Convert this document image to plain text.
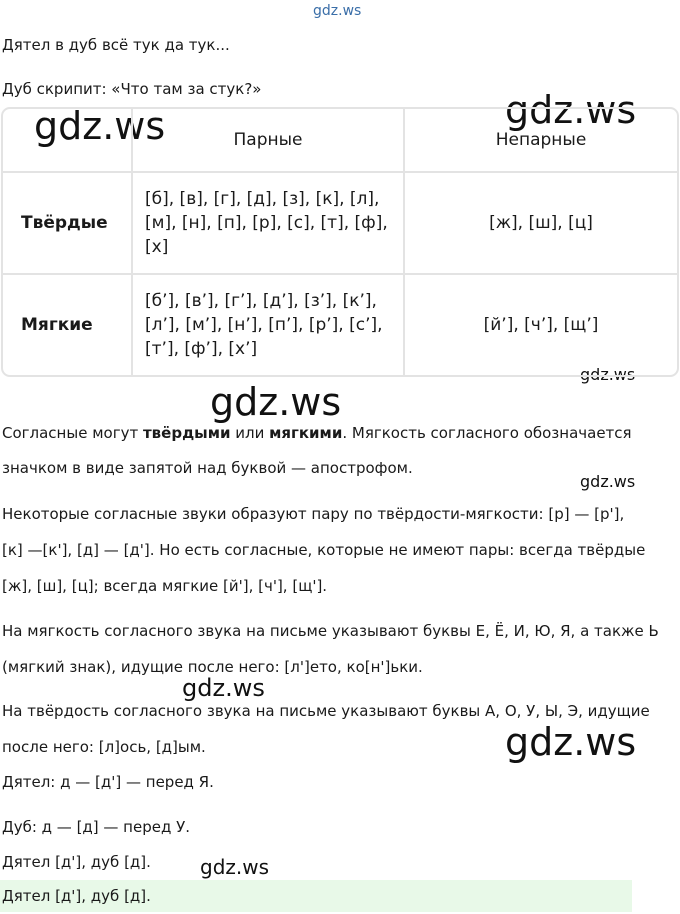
gdz.ws
gdz.ws	gdz.ws
gdz.ws
gdz.ws
gdz.ws
gdz.ws
gdz.ws
gdz.ws
Дятел в дуб всё тук да тук...
Дуб скрипит: «Что там за стук?»
	Парные	Непарные
Твёрдые	[б], [в], [г], [д], [з], [к], [л], [м], [н], [п], [р], [с], [т], [ф], [х]	[ж], [ш], [ц]
Мягкие	[б’], [в’], [г’], [д’], [з’], [к’], [л’], [м’], [н’], [п’], [р’], [с’], [т’], [ф’], [х’]	[й’], [ч’], [щ’]
Согласные могут твёрдыми или мягкими. Мягкость согласного обозначается
значком в виде запятой над буквой — апострофом.
Некоторые согласные звуки образуют пару по твёрдости-мягкости: [р] — [р'],
[к] —[к'], [д] — [д']. Но есть согласные, которые не имеют пары: всегда твёрдые
[ж], [ш], [ц]; всегда мягкие [й'], [ч'], [щ'].
На мягкость согласного звука на письме указывают буквы Е, Ё, И, Ю, Я, а также Ь
(мягкий знак), идущие после него: [л']ето, ко[н']ьки.
На твёрдость согласного звука на письме указывают буквы А, О, У, Ы, Э, идущие
после него: [л]ось, [д]ым.
Дятел: д — [д'] — перед Я.
Дуб: д — [д] — перед У.
Дятел [д'], дуб [д].
Дятел [д'], дуб [д].
